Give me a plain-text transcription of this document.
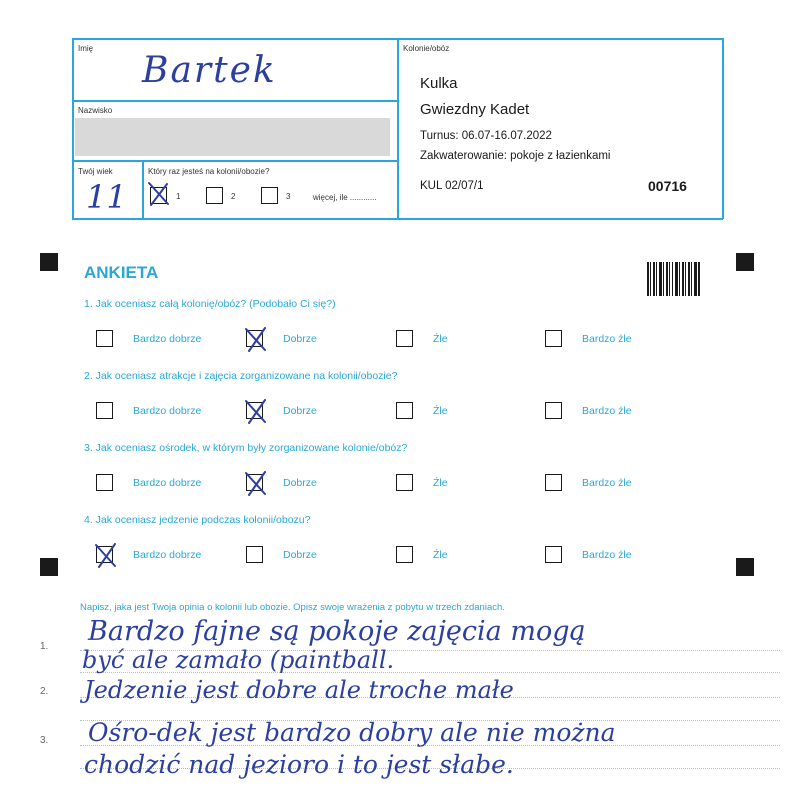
Imię
Bartek
Nazwisko
Twój wiek
11
Który raz jesteś na kolonii/obozie?
1	2	3	więcej, ile ............
Kolonie/obóz
Kulka
Gwiezdny Kadet
Turnus: 06.07-16.07.2022
Zakwaterowanie: pokoje z łazienkami
KUL 02/07/1	00716
ANKIETA
1. Jak oceniasz całą kolonię/obóz? (Podobało Ci się?)
Bardzo dobrze	Dobrze	Źle	Bardzo źle
2. Jak oceniasz atrakcje i zajęcia zorganizowane na kolonii/obozie?
Bardzo dobrze	Dobrze	Źle	Bardzo źle
3. Jak oceniasz ośrodek, w którym były zorganizowane kolonie/obóz?
Bardzo dobrze	Dobrze	Źle	Bardzo źle
4. Jak oceniasz jedzenie podczas kolonii/obozu?
Bardzo dobrze	Dobrze	Źle	Bardzo źle
Napisz, jaka jest Twoja opinia o kolonii lub obozie. Opisz swoje wrażenia z pobytu w trzech zdaniach.
1.
2.
3.
Bardzo fajne są pokoje zajęcia mogą
być ale zamało (paintball.
Jedzenie jest dobre ale troche małe
Ośro-dek jest bardzo dobry ale nie można
chodzić nad jezioro i to jest słabe.
